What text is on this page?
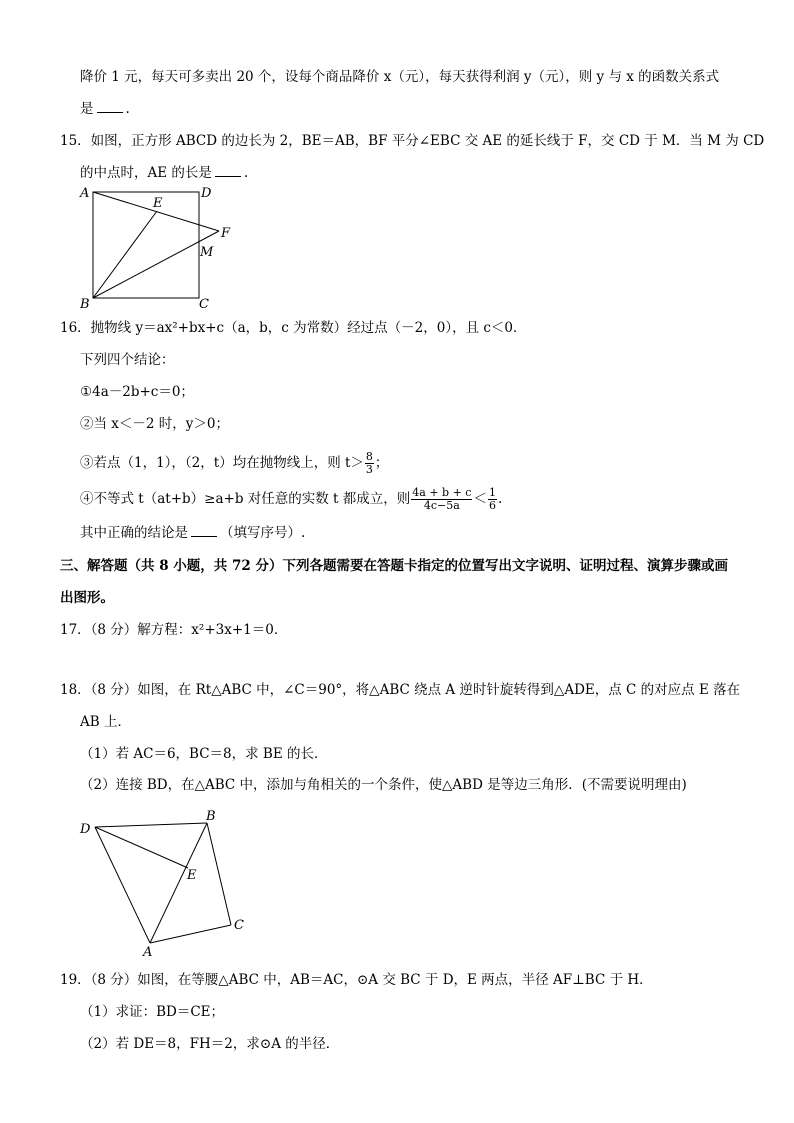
降价 1 元，每天可多卖出 20 个，设每个商品降价 x（元），每天获得利润 y（元），则 y 与 x 的函数关系式
是 .
15．如图，正方形 ABCD 的边长为 2，BE＝AB，BF 平分∠EBC 交 AE 的延长线于 F，交 CD 于 M．当 M 为 CD
的中点时，AE 的长是 .
A	D
E
F
M
B	C
16．抛物线 y＝ax²+bx+c（a，b，c 为常数）经过点（－2，0），且 c＜0．
下列四个结论：
①4a－2b+c＝0；
②当 x＜－2 时，y＞0；
③若点（1，1），（2，t）均在抛物线上，则 $t> \frac{8}{3}$ ；
④不等式 t（at+b）≥a+b 对任意的实数 t 都成立，则 $\frac{4a + b + c}{4c-5a} < \frac{1}{6}$ .
其中正确的结论是 （填写序号）.
三、解答题（共 8 小题，共 72 分）下列各题需要在答题卡指定的位置写出文字说明、证明过程、演算步骤或画
出图形。
17．（8 分）解方程：x²+3x+1＝0．
18．（8 分）如图，在 Rt△ABC 中，∠C＝90°，将△ABC 绕点 A 逆时针旋转得到△ADE，点 C 的对应点 E 落在
AB 上．
（1）若 AC＝6，BC＝8，求 BE 的长．
（2）连接 BD，在△ABC 中，添加与角相关的一个条件，使△ABD 是等边三角形．(不需要说明理由)
D
B
E
C
A
19．（8 分）如图，在等腰△ABC 中，AB＝AC，⊙A 交 BC 于 D，E 两点，半径 AF⊥BC 于 H．
（1）求证：BD＝CE；
（2）若 DE＝8，FH＝2，求⊙A 的半径．
